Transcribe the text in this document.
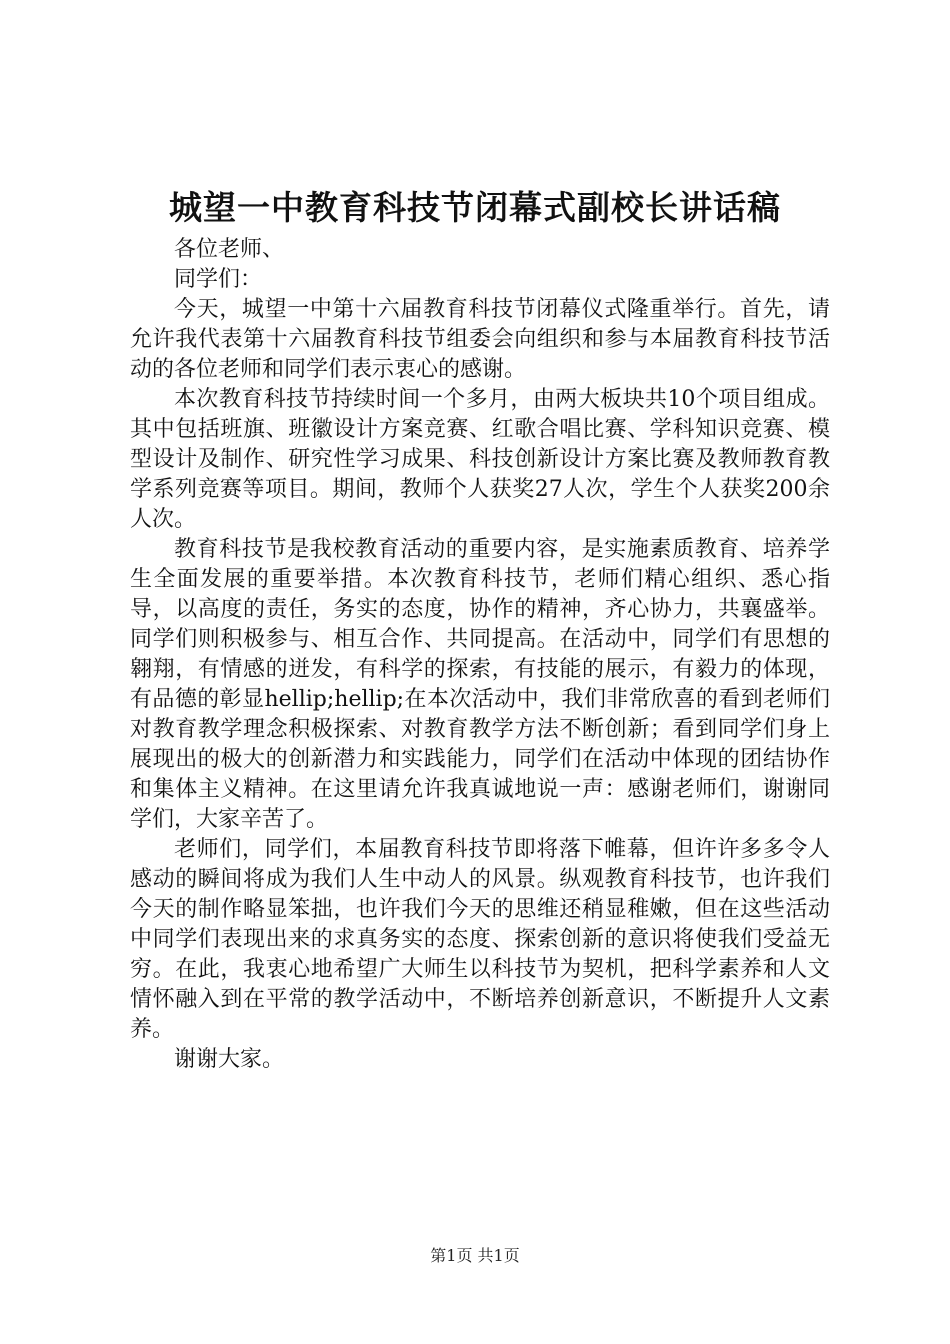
城望一中教育科技节闭幕式副校长讲话稿

各位老师、

同学们：

今天，城望一中第十六届教育科技节闭幕仪式隆重举行。首先，请允许我代表第十六届教育科技节组委会向组织和参与本届教育科技节活动的各位老师和同学们表示衷心的感谢。

本次教育科技节持续时间一个多月，由两大板块共10个项目组成。其中包括班旗、班徽设计方案竞赛、红歌合唱比赛、学科知识竞赛、模型设计及制作、研究性学习成果、科技创新设计方案比赛及教师教育教学系列竞赛等项目。期间，教师个人获奖27人次，学生个人获奖200余人次。

教育科技节是我校教育活动的重要内容，是实施素质教育、培养学生全面发展的重要举措。本次教育科技节，老师们精心组织、悉心指导，以高度的责任，务实的态度，协作的精神，齐心协力，共襄盛举。同学们则积极参与、相互合作、共同提高。在活动中，同学们有思想的翱翔，有情感的迸发，有科学的探索，有技能的展示，有毅力的体现，有品德的彰显hellip;hellip;在本次活动中，我们非常欣喜的看到老师们对教育教学理念积极探索、对教育教学方法不断创新；看到同学们身上展现出的极大的创新潜力和实践能力，同学们在活动中体现的团结协作和集体主义精神。在这里请允许我真诚地说一声：感谢老师们，谢谢同学们，大家辛苦了。

老师们，同学们，本届教育科技节即将落下帷幕，但许许多多令人感动的瞬间将成为我们人生中动人的风景。纵观教育科技节，也许我们今天的制作略显笨拙，也许我们今天的思维还稍显稚嫩，但在这些活动中同学们表现出来的求真务实的态度、探索创新的意识将使我们受益无穷。在此，我衷心地希望广大师生以科技节为契机，把科学素养和人文情怀融入到在平常的教学活动中，不断培养创新意识，不断提升人文素养。

谢谢大家。

第1页 共1页
